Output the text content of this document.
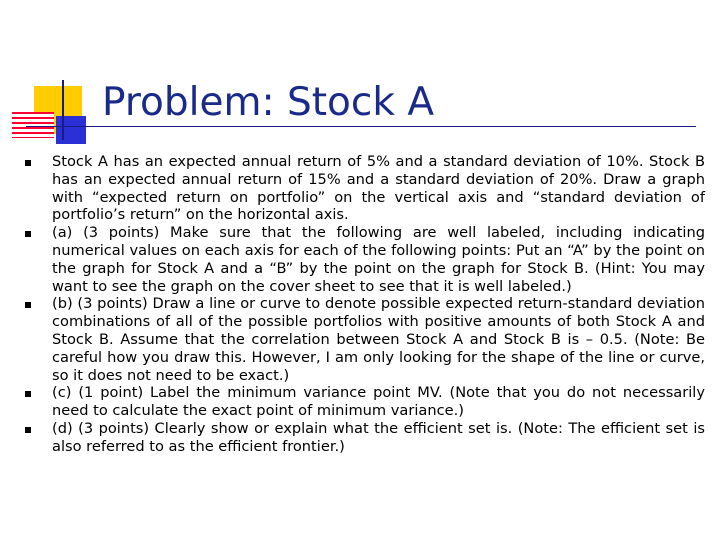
Problem: Stock A
Stock A has an expected annual return of 5% and a standard deviation of 10%. Stock B has an expected annual return of 15% and a standard deviation of 20%. Draw a graph with “expected return on portfolio” on the vertical axis and “standard deviation of portfolio’s return” on the horizontal axis.
(a) (3 points) Make sure that the following are well labeled, including indicating numerical values on each axis for each of the following points: Put an “A” by the point on the graph for Stock A and a “B” by the point on the graph for Stock B. (Hint: You may want to see the graph on the cover sheet to see that it is well labeled.)
(b) (3 points) Draw a line or curve to denote possible expected return-standard deviation combinations of all of the possible portfolios with positive amounts of both Stock A and Stock B. Assume that the correlation between Stock A and Stock B is – 0.5. (Note: Be careful how you draw this. However, I am only looking for the shape of the line or curve, so it does not need to be exact.)
(c) (1 point) Label the minimum variance point MV. (Note that you do not necessarily need to calculate the exact point of minimum variance.)
(d) (3 points) Clearly show or explain what the efficient set is. (Note: The efficient set is also referred to as the efficient frontier.)
